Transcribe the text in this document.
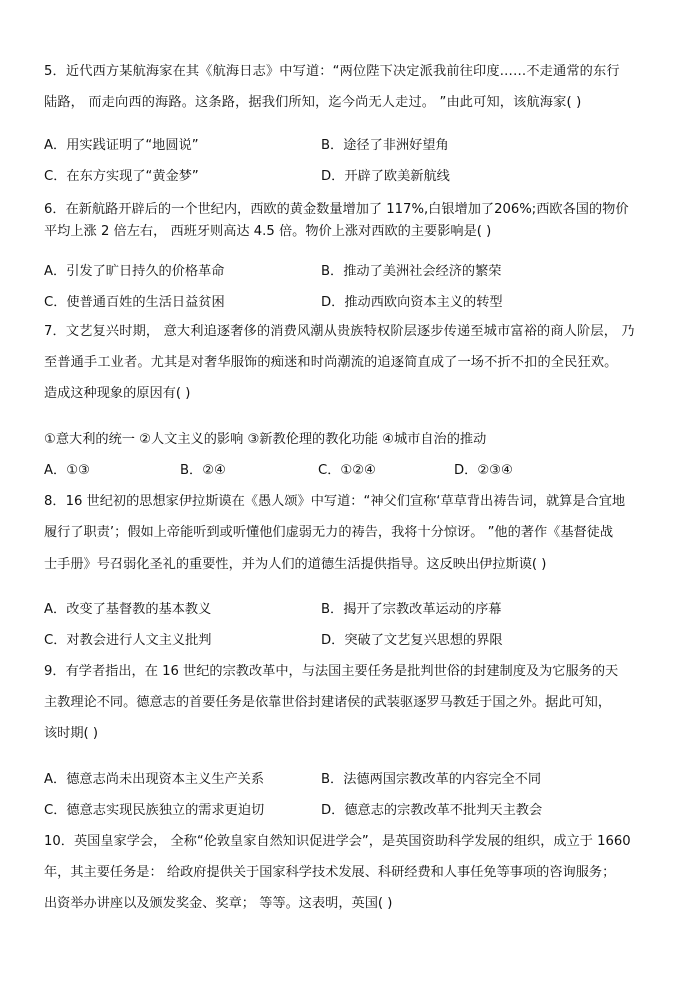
5．近代西方某航海家在其《航海日志》中写道：“两位陛下决定派我前往印度……不走通常的东行
陆路， 而走向西的海路。这条路，据我们所知，迄今尚无人走过。 ”由此可知，该航海家( )
A．用实践证明了“地圆说”	B．途径了非洲好望角
C．在东方实现了“黄金梦”	D．开辟了欧美新航线
6．在新航路开辟后的一个世纪内，西欧的黄金数量增加了 117%,白银增加了206%;西欧各国的物价
平均上涨 2 倍左右， 西班牙则高达 4.5 倍。物价上涨对西欧的主要影响是( )
A．引发了旷日持久的价格革命	B．推动了美洲社会经济的繁荣
C．使普通百姓的生活日益贫困	D．推动西欧向资本主义的转型
7．文艺复兴时期， 意大利追逐奢侈的消费风潮从贵族特权阶层逐步传递至城市富裕的商人阶层， 乃
至普通手工业者。尤其是对奢华服饰的痴迷和时尚潮流的追逐简直成了一场不折不扣的全民狂欢。
造成这种现象的原因有( )
①意大利的统一 ②人文主义的影响 ③新教伦理的教化功能 ④城市自治的推动
A．①③	B．②④	C．①②④	D．②③④
8．16 世纪初的思想家伊拉斯谟在《愚人颂》中写道：“神父们宣称‘草草背出祷告词，就算是合宜地
履行了职责’；假如上帝能听到或听懂他们虚弱无力的祷告，我将十分惊讶。 ”他的著作《基督徒战
士手册》号召弱化圣礼的重要性，并为人们的道德生活提供指导。这反映出伊拉斯谟( )
A．改变了基督教的基本教义	B．揭开了宗教改革运动的序幕
C．对教会进行人文主义批判	D．突破了文艺复兴思想的界限
9．有学者指出，在 16 世纪的宗教改革中，与法国主要任务是批判世俗的封建制度及为它服务的天
主教理论不同。德意志的首要任务是依靠世俗封建诸侯的武装驱逐罗马教廷于国之外。据此可知，
该时期( )
A．德意志尚未出现资本主义生产关系	B．法德两国宗教改革的内容完全不同
C．德意志实现民族独立的需求更迫切	D．德意志的宗教改革不批判天主教会
10．英国皇家学会， 全称“伦敦皇家自然知识促进学会”，是英国资助科学发展的组织，成立于 1660
年，其主要任务是： 给政府提供关于国家科学技术发展、科研经费和人事任免等事项的咨询服务；
出资举办讲座以及颁发奖金、奖章； 等等。这表明，英国( )
